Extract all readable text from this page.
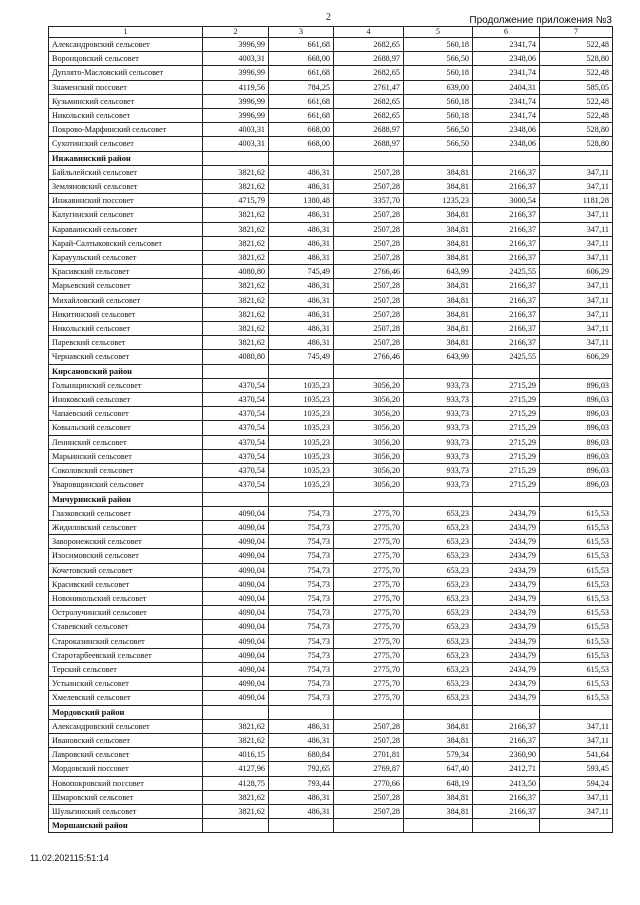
2	Продолжение приложения №3
1	2	3	4	5	6	7
Александровский сельсовет	3996,99	661,68	2682,65	560,18	2341,74	522,48
Воронцовский сельсовет	4003,31	668,00	2688,97	566,50	2348,06	528,80
Дуплято-Масловский сельсовет	3996,99	661,68	2682,65	560,18	2341,74	522,48
Знаменский поссовет	4119,56	784,25	2761,47	639,00	2404,31	585,05
Кузьминский сельсовет	3996,99	661,68	2682,65	560,18	2341,74	522,48
Никольский сельсовет	3996,99	661,68	2682,65	560,18	2341,74	522,48
Покрово-Марфинский сельсовет	4003,31	668,00	2688,97	566,50	2348,06	528,80
Сухотинский сельсовет	4003,31	668,00	2688,97	566,50	2348,06	528,80
Инжавинский район						
Байльлейский сельсовет	3821,62	486,31	2507,28	384,81	2166,37	347,11
Земляновский сельсовет	3821,62	486,31	2507,28	384,81	2166,37	347,11
Инжавинский поссовет	4715,79	1380,48	3357,70	1235,23	3000,54	1181,28
Калугинский сельсовет	3821,62	486,31	2507,28	384,81	2166,37	347,11
Караваинский сельсовет	3821,62	486,31	2507,28	384,81	2166,37	347,11
Карай-Салтыковский сельсовет	3821,62	486,31	2507,28	384,81	2166,37	347,11
Карауульский сельсовет	3821,62	486,31	2507,28	384,81	2166,37	347,11
Красивский сельсовет	4080,80	745,49	2766,46	643,99	2425,55	606,29
Марьевский сельсовет	3821,62	486,31	2507,28	384,81	2166,37	347,11
Михайловский сельсовет	3821,62	486,31	2507,28	384,81	2166,37	347,11
Никитинский сельсовет	3821,62	486,31	2507,28	384,81	2166,37	347,11
Никольский сельсовет	3821,62	486,31	2507,28	384,81	2166,37	347,11
Паревский сельсовет	3821,62	486,31	2507,28	384,81	2166,37	347,11
Чернавский сельсовет	4080,80	745,49	2766,46	643,99	2425,55	606,29
Кирсановский район						
Голынщинский сельсовет	4370,54	1035,23	3056,20	933,73	2715,29	896,03
Иноковский сельсовет	4370,54	1035,23	3056,20	933,73	2715,29	896,03
Чапаевский сельсовет	4370,54	1035,23	3056,20	933,73	2715,29	896,03
Ковыльский сельсовет	4370,54	1035,23	3056,20	933,73	2715,29	896,03
Ленинский сельсовет	4370,54	1035,23	3056,20	933,73	2715,29	896,03
Марьинский сельсовет	4370,54	1035,23	3056,20	933,73	2715,29	896,03
Соколовский сельсовет	4370,54	1035,23	3056,20	933,73	2715,29	896,03
Уваровщинский сельсовет	4370,54	1035,23	3056,20	933,73	2715,29	896,03
Мичуринский район						
Глазковский сельсовет	4090,04	754,73	2775,70	653,23	2434,79	615,53
Жидиловский сельсовет	4090,04	754,73	2775,70	653,23	2434,79	615,53
Заворонежский сельсовет	4090,04	754,73	2775,70	653,23	2434,79	615,53
Изосимовский сельсовет	4090,04	754,73	2775,70	653,23	2434,79	615,53
Кочетовский сельсовет	4090,04	754,73	2775,70	653,23	2434,79	615,53
Красивский сельсовет	4090,04	754,73	2775,70	653,23	2434,79	615,53
Новоникольский сельсовет	4090,04	754,73	2775,70	653,23	2434,79	615,53
Остролучинский сельсовет	4090,04	754,73	2775,70	653,23	2434,79	615,53
Ставевский сельсовет	4090,04	754,73	2775,70	653,23	2434,79	615,53
Староказинский сельсовет	4090,04	754,73	2775,70	653,23	2434,79	615,53
Старотарбеевский сельсовет	4090,04	754,73	2775,70	653,23	2434,79	615,53
Терский сельсовет	4090,04	754,73	2775,70	653,23	2434,79	615,53
Устьинский сельсовет	4090,04	754,73	2775,70	653,23	2434,79	615,53
Хмелевский сельсовет	4090,04	754,73	2775,70	653,23	2434,79	615,53
Мордовский район						
Александровский сельсовет	3821,62	486,31	2507,28	384,81	2166,37	347,11
Ивановский сельсовет	3821,62	486,31	2507,28	384,81	2166,37	347,11
Лавровский сельсовет	4016,15	680,84	2701,81	579,34	2360,90	541,64
Мордовский поссовет	4127,96	792,65	2769,87	647,40	2412,71	593,45
Новопокровский поссовет	4128,75	793,44	2770,66	648,19	2413,50	594,24
Шмаровский сельсовет	3821,62	486,31	2507,28	384,81	2166,37	347,11
Шульгинский сельсовет	3821,62	486,31	2507,28	384,81	2166,37	347,11
Моршанский район						
11.02.202115:51:14
